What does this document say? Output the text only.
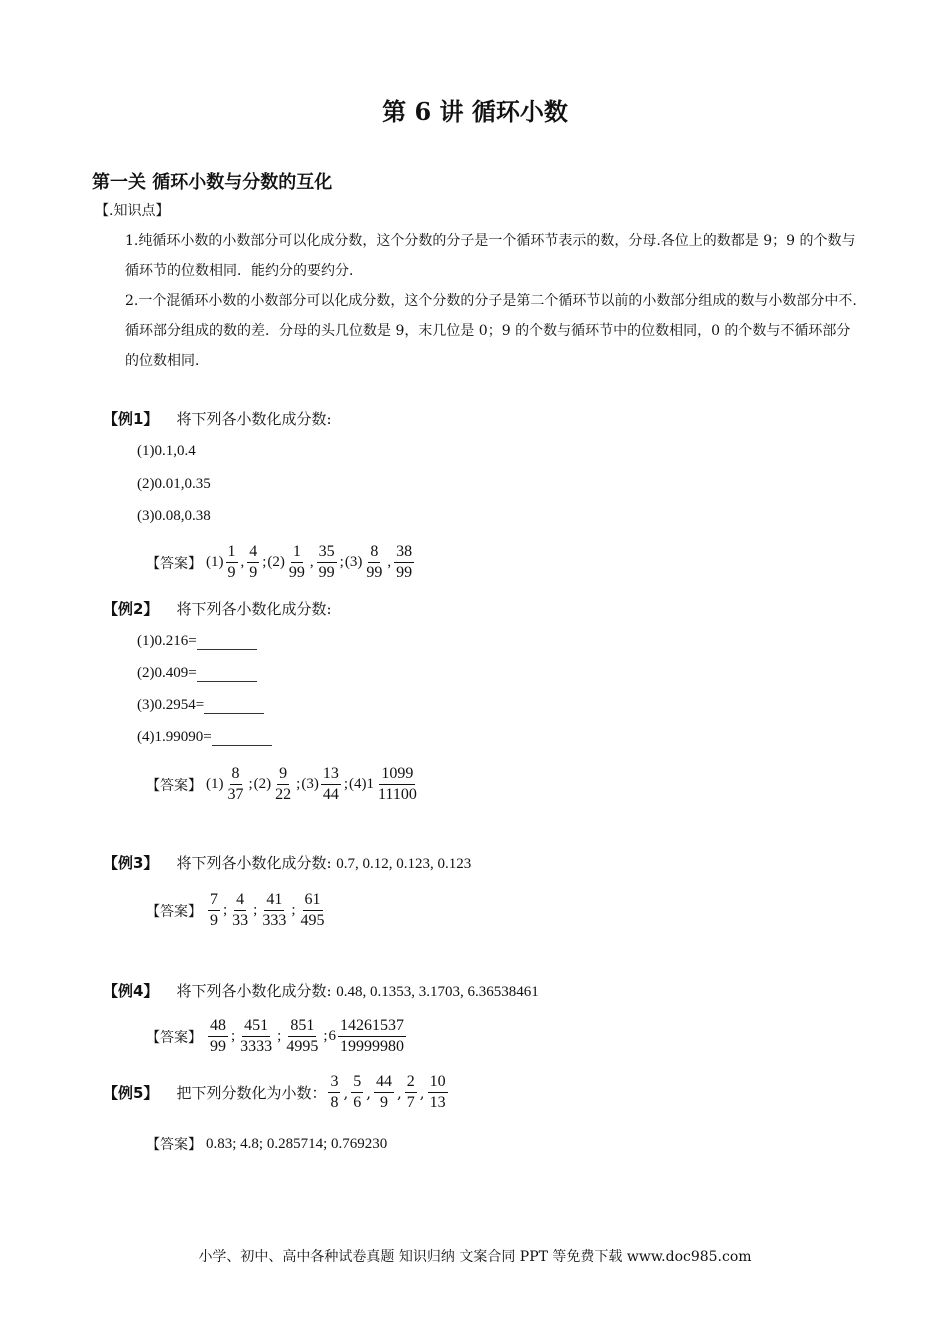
第 6 讲 循环小数
第一关 循环小数与分数的互化
【.知识点】
1.纯循环小数的小数部分可以化成分数，这个分数的分子是一个循环节表示的数，分母.各位上的数都是 9；9 的个数与循环节的位数相同．能约分的要约分．
2.一个混循环小数的小数部分可以化成分数，这个分数的分子是第二个循环节以前的小数部分组成的数与小数部分中不.循环部分组成的数的差．分母的头几位数是 9，末几位是 0；9 的个数与循环节中的位数相同，0 的个数与不循环部分的位数相同．
【例1】 将下列各小数化成分数:
(1)0.1,0.4
(2)0.01,0.35
(3)0.08,0.38
【答案】 $(1) \frac{1}{9}$ , $\frac{4}{9}$ ; $(2) \frac{1}{99}$ , $\frac{35}{99}$ ; $(3) \frac{8}{99}$ , $\frac{38}{99}$
【例2】 将下列各小数化成分数:
(1)0.216=
(2)0.409=
(3)0.2954=
(4)1.99090=
【答案】 $(1) \frac{8}{37}$ ; $(2) \frac{9}{22}$ ; $(3) \frac{13}{44}$ ; $(4)1 \frac{1099}{11100}$
【例3】 将下列各小数化成分数: 0.7, 0.12, 0.123, 0.123
【答案】 $\frac{7}{9}$ ; $\frac{4}{33}$ ; $\frac{41}{333}$ ; $\frac{61}{495}$
【例4】 将下列各小数化成分数: 0.48, 0.1353, 3.1703, 6.36538461
【答案】 $\frac{48}{99}$ ; $\frac{451}{3333}$ ; $\frac{851}{4995}$ ; $6 \frac{14261537}{19999980}$
【例5】 把下列分数化为小数： $\frac{3}{8}$ , $\frac{5}{6}$ , $\frac{44}{9}$ , $\frac{2}{7}$ , $\frac{10}{13}$
【答案】 0.83; 4.8; 0.285714; 0.769230
小学、初中、高中各种试卷真题 知识归纳 文案合同 PPT 等免费下载 www.doc985.com
